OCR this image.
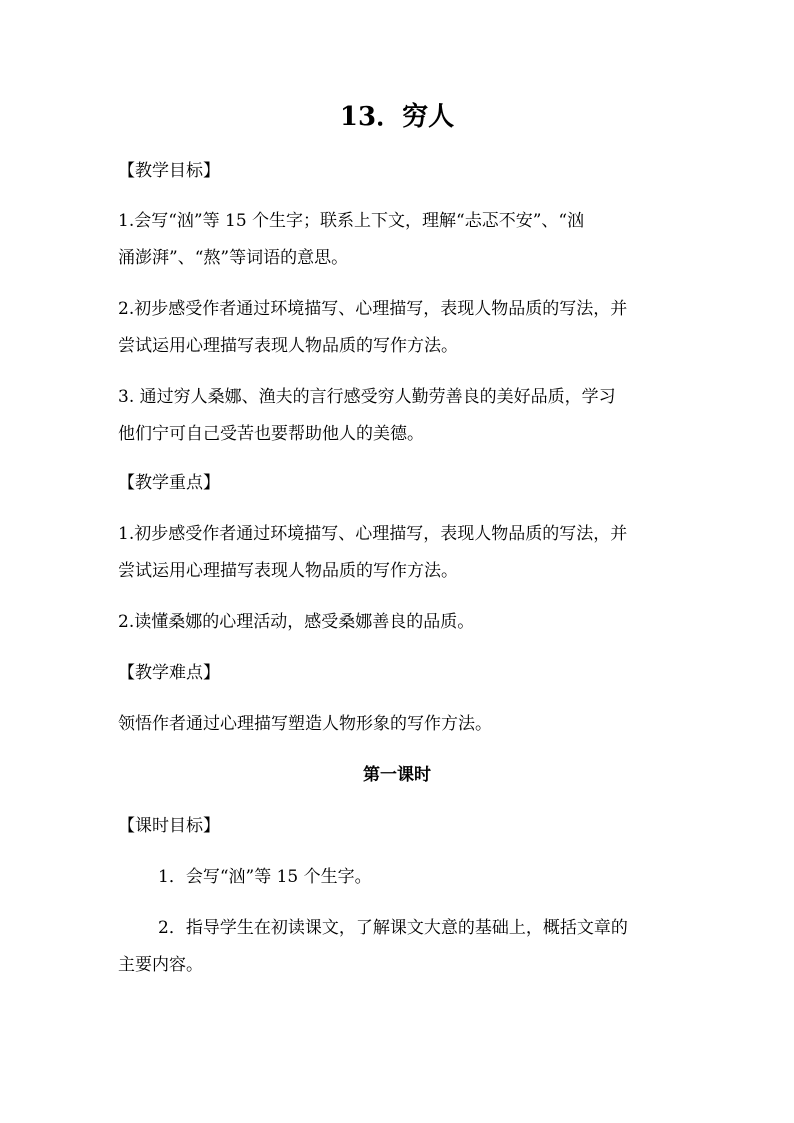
13．穷人
【教学目标】
1.会写“汹”等 15 个生字；联系上下文，理解“忐忑不安”、“汹
涌澎湃”、“熬”等词语的意思。
2.初步感受作者通过环境描写、心理描写，表现人物品质的写法，并
尝试运用心理描写表现人物品质的写作方法。
3. 通过穷人桑娜、渔夫的言行感受穷人勤劳善良的美好品质，学习
他们宁可自己受苦也要帮助他人的美德。
【教学重点】
1.初步感受作者通过环境描写、心理描写，表现人物品质的写法，并
尝试运用心理描写表现人物品质的写作方法。
2.读懂桑娜的心理活动，感受桑娜善良的品质。
【教学难点】
领悟作者通过心理描写塑造人物形象的写作方法。
第一课时
【课时目标】
1．会写“汹”等 15 个生字。
2．指导学生在初读课文，了解课文大意的基础上，概括文章的
主要内容。
